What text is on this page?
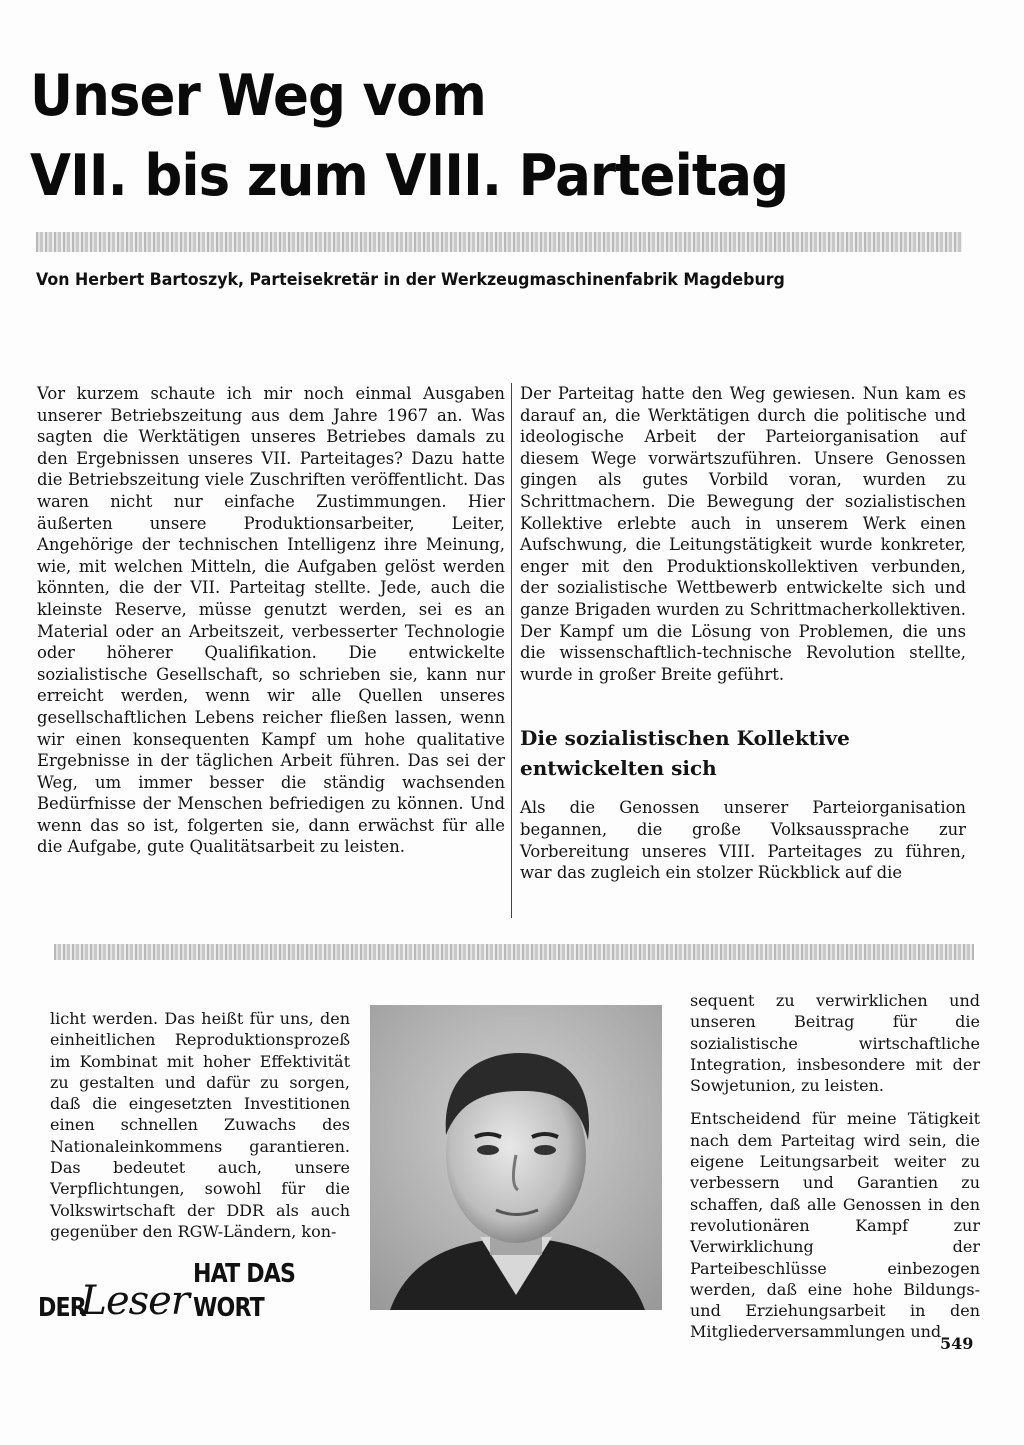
Unser Weg vom
VII. bis zum VIII. Parteitag
Von Herbert Bartoszyk, Parteisekretär in der Werkzeugmaschinenfabrik Magdeburg

Vor kurzem schaute ich mir noch einmal Ausgaben unserer Betriebszeitung aus dem Jahre 1967 an. Was sagten die Werktätigen unseres Betriebes damals zu den Ergebnissen unseres VII. Parteitages? Dazu hatte die Betriebszeitung viele Zuschriften veröffentlicht. Das waren nicht nur einfache Zustimmungen. Hier äußerten unsere Produktionsarbeiter, Leiter, Angehörige der technischen Intelligenz ihre Meinung, wie, mit welchen Mitteln, die Aufgaben gelöst werden könnten, die der VII. Parteitag stellte. Jede, auch die kleinste Reserve, müsse genutzt werden, sei es an Material oder an Arbeitszeit, verbesserter Technologie oder höherer Qualifikation. Die entwickelte sozialistische Gesellschaft, so schrieben sie, kann nur erreicht werden, wenn wir alle Quellen unseres gesellschaftlichen Lebens reicher fließen lassen, wenn wir einen konsequenten Kampf um hohe qualitative Ergebnisse in der täglichen Arbeit führen. Das sei der Weg, um immer besser die ständig wachsenden Bedürfnisse der Menschen befriedigen zu können. Und wenn das so ist, folgerten sie, dann erwächst für alle die Aufgabe, gute Qualitätsarbeit zu leisten.

Der Parteitag hatte den Weg gewiesen. Nun kam es darauf an, die Werktätigen durch die politische und ideologische Arbeit der Parteiorganisation auf diesem Wege vorwärtszuführen. Unsere Genossen gingen als gutes Vorbild voran, wurden zu Schrittmachern. Die Bewegung der sozialistischen Kollektive erlebte auch in unserem Werk einen Aufschwung, die Leitungstätigkeit wurde konkreter, enger mit den Produktionskollektiven verbunden, der sozialistische Wettbewerb entwickelte sich und ganze Brigaden wurden zu Schrittmacherkollektiven. Der Kampf um die Lösung von Problemen, die uns die wissenschaftlich-technische Revolution stellte, wurde in großer Breite geführt.

Die sozialistischen Kollektive entwickelten sich

Als die Genossen unserer Parteiorganisation begannen, die große Volksaussprache zur Vorbereitung unseres VIII. Parteitages zu führen, war das zugleich ein stolzer Rückblick auf die

licht werden. Das heißt für uns, den einheitlichen Reproduktionsprozeß im Kombinat mit hoher Effektivität zu gestalten und dafür zu sorgen, daß die eingesetzten Investitionen einen schnellen Zuwachs des Nationaleinkommens garantieren. Das bedeutet auch, unsere Verpflichtungen, sowohl für die Volkswirtschaft der DDR als auch gegenüber den RGW-Ländern, kon-

sequent zu verwirklichen und unseren Beitrag für die sozialistische wirtschaftliche Integration, insbesondere mit der Sowjetunion, zu leisten.

Entscheidend für meine Tätigkeit nach dem Parteitag wird sein, die eigene Leitungsarbeit weiter zu verbessern und Garantien zu schaffen, daß alle Genossen in den revolutionären Kampf zur Verwirklichung der Parteibeschlüsse einbezogen werden, daß eine hohe Bildungs- und Erziehungsarbeit in den Mitgliederversammlungen und

DER
Leser
HAT DAS WORT
549
